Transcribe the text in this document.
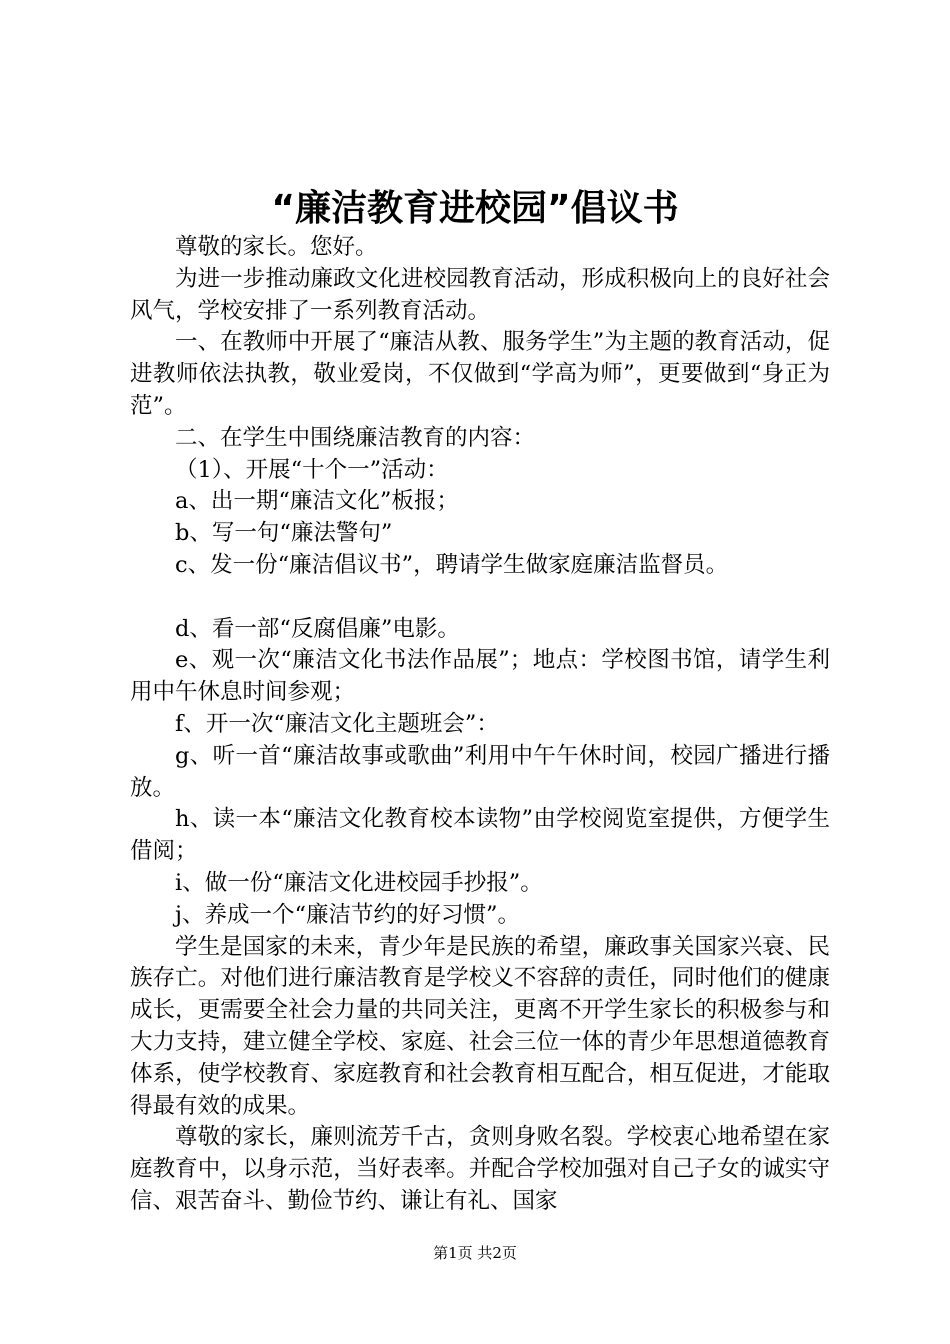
“廉洁教育进校园”倡议书

尊敬的家长。您好。

为进一步推动廉政文化进校园教育活动，形成积极向上的良好社会风气，学校安排了一系列教育活动。

一、在教师中开展了“廉洁从教、服务学生”为主题的教育活动，促进教师依法执教，敬业爱岗，不仅做到“学高为师”，更要做到“身正为范”。

二、在学生中围绕廉洁教育的内容：

（1）、开展“十个一”活动：

a、出一期“廉洁文化”板报；

b、写一句“廉法警句”

c、发一份“廉洁倡议书”，聘请学生做家庭廉洁监督员。

d、看一部“反腐倡廉”电影。

e、观一次“廉洁文化书法作品展”；地点：学校图书馆，请学生利用中午休息时间参观；

f、开一次“廉洁文化主题班会”：

g、听一首“廉洁故事或歌曲”利用中午午休时间，校园广播进行播放。

h、读一本“廉洁文化教育校本读物”由学校阅览室提供，方便学生借阅；

i、做一份“廉洁文化进校园手抄报”。

j、养成一个“廉洁节约的好习惯”。

学生是国家的未来，青少年是民族的希望，廉政事关国家兴衰、民族存亡。对他们进行廉洁教育是学校义不容辞的责任，同时他们的健康成长，更需要全社会力量的共同关注，更离不开学生家长的积极参与和大力支持，建立健全学校、家庭、社会三位一体的青少年思想道德教育体系，使学校教育、家庭教育和社会教育相互配合，相互促进，才能取得最有效的成果。

尊敬的家长，廉则流芳千古，贪则身败名裂。学校衷心地希望在家庭教育中，以身示范，当好表率。并配合学校加强对自己子女的诚实守信、艰苦奋斗、勤俭节约、谦让有礼、国家

第1页 共2页
